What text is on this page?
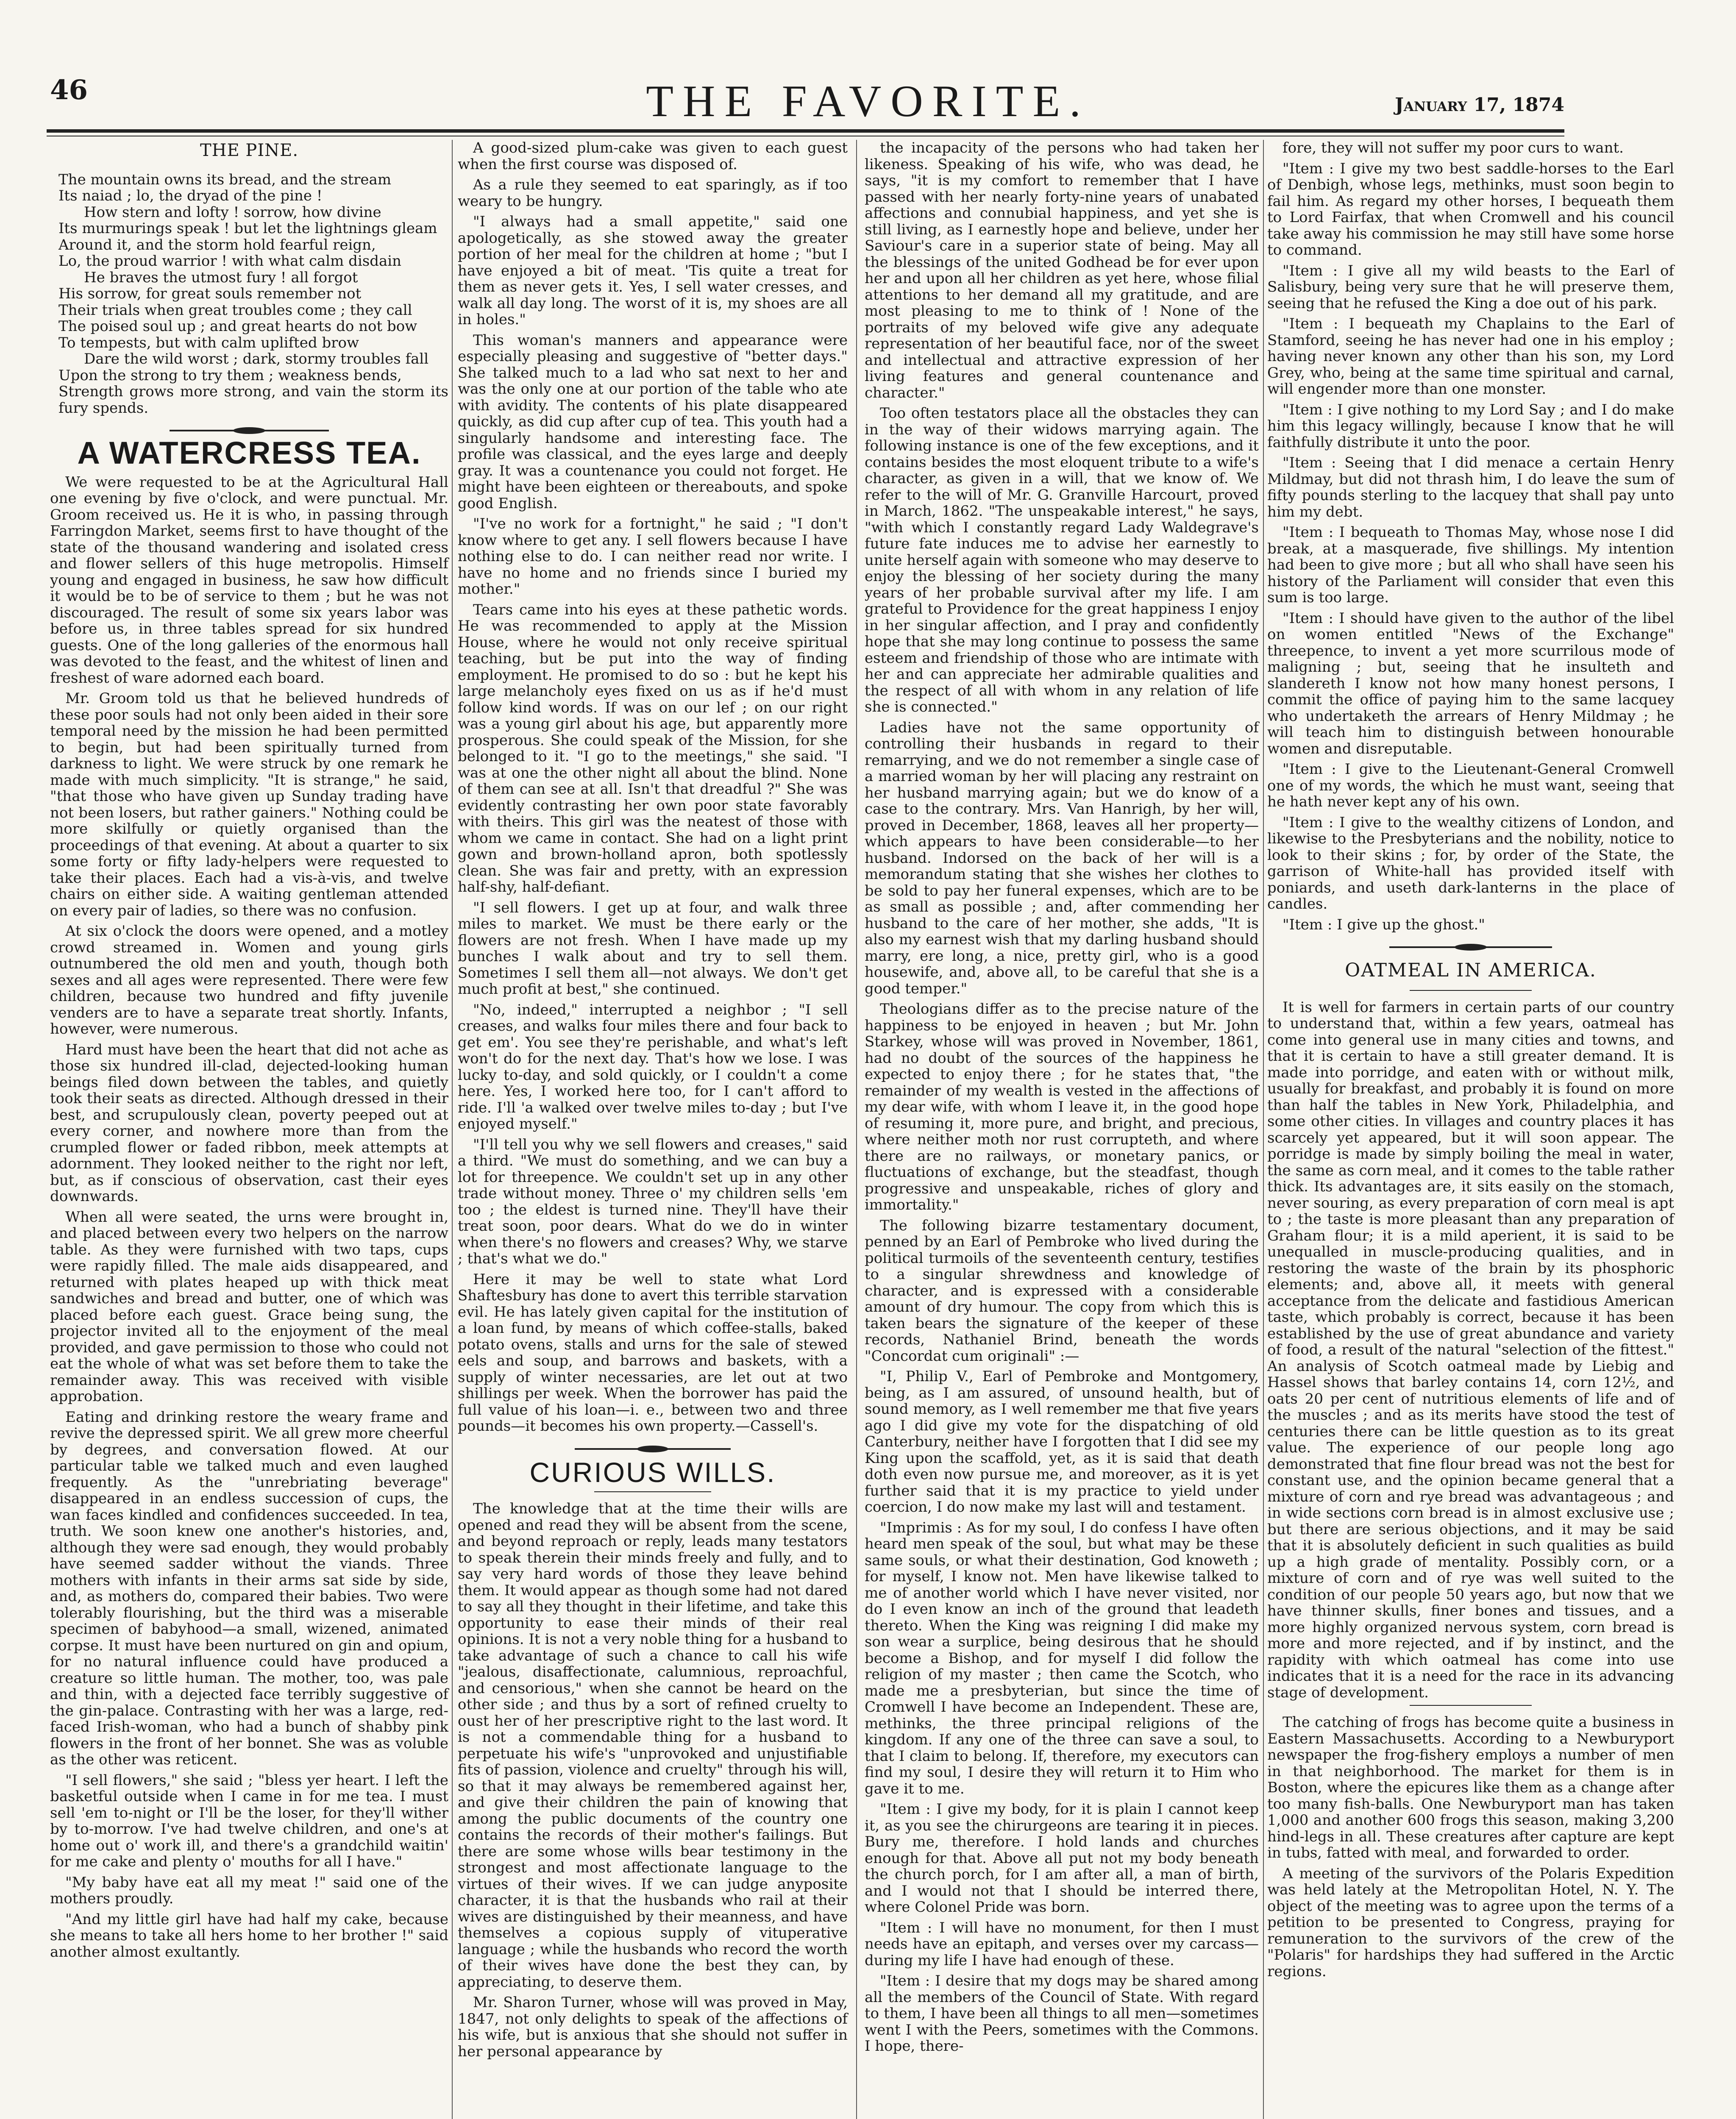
46	THE FAVORITE.	January 17, 1874
THE PINE.
The mountain owns its bread, and the stream
Its naiad ; lo, the dryad of the pine !
How stern and lofty ! sorrow, how divine
Its murmurings speak ! but let the lightnings gleam
Around it, and the storm hold fearful reign,
Lo, the proud warrior ! with what calm disdain
He braves the utmost fury ! all forgot
His sorrow, for great souls remember not
Their trials when great troubles come ; they call
The poised soul up ; and great hearts do not bow
To tempests, but with calm uplifted brow
Dare the wild worst ; dark, stormy troubles fall
Upon the strong to try them ; weakness bends,
Strength grows more strong, and vain the storm its fury spends.
A WATERCRESS TEA.

We were requested to be at the Agricultural Hall one evening by five o'clock, and were punctual. Mr. Groom received us. He it is who, in passing through Farringdon Market, seems first to have thought of the state of the thousand wandering and isolated cress and flower sellers of this huge metropolis. Himself young and engaged in business, he saw how difficult it would be to be of service to them ; but he was not discouraged. The result of some six years labor was before us, in three tables spread for six hundred guests. One of the long galleries of the enormous hall was devoted to the feast, and the whitest of linen and freshest of ware adorned each board.

Mr. Groom told us that he believed hundreds of these poor souls had not only been aided in their sore temporal need by the mission he had been permitted to begin, but had been spiritually turned from darkness to light. We were struck by one remark he made with much simplicity. "It is strange," he said, "that those who have given up Sunday trading have not been losers, but rather gainers." Nothing could be more skilfully or quietly organised than the proceedings of that evening. At about a quarter to six some forty or fifty lady-helpers were requested to take their places. Each had a vis-à-vis, and twelve chairs on either side. A waiting gentleman attended on every pair of ladies, so there was no confusion.

At six o'clock the doors were opened, and a motley crowd streamed in. Women and young girls outnumbered the old men and youth, though both sexes and all ages were represented. There were few children, because two hundred and fifty juvenile venders are to have a separate treat shortly. Infants, however, were numerous.

Hard must have been the heart that did not ache as those six hundred ill-clad, dejected-looking human beings filed down between the tables, and quietly took their seats as directed. Although dressed in their best, and scrupulously clean, poverty peeped out at every corner, and nowhere more than from the crumpled flower or faded ribbon, meek attempts at adornment. They looked neither to the right nor left, but, as if conscious of observation, cast their eyes downwards.

When all were seated, the urns were brought in, and placed between every two helpers on the narrow table. As they were furnished with two taps, cups were rapidly filled. The male aids disappeared, and returned with plates heaped up with thick meat sandwiches and bread and butter, one of which was placed before each guest. Grace being sung, the projector invited all to the enjoyment of the meal provided, and gave permission to those who could not eat the whole of what was set before them to take the remainder away. This was received with visible approbation.

Eating and drinking restore the weary frame and revive the depressed spirit. We all grew more cheerful by degrees, and conversation flowed. At our particular table we talked much and even laughed frequently. As the "unrebriating beverage" disappeared in an endless succession of cups, the wan faces kindled and confidences succeeded. In tea, truth. We soon knew one another's histories, and, although they were sad enough, they would probably have seemed sadder without the viands. Three mothers with infants in their arms sat side by side, and, as mothers do, compared their babies. Two were tolerably flourishing, but the third was a miserable specimen of babyhood—a small, wizened, animated corpse. It must have been nurtured on gin and opium, for no natural influence could have produced a creature so little human. The mother, too, was pale and thin, with a dejected face terribly suggestive of the gin-palace. Contrasting with her was a large, red-faced Irish-woman, who had a bunch of shabby pink flowers in the front of her bonnet. She was as voluble as the other was reticent.

"I sell flowers," she said ; "bless yer heart. I left the basketful outside when I came in for me tea. I must sell 'em to-night or I'll be the loser, for they'll wither by to-morrow. I've had twelve children, and one's at home out o' work ill, and there's a grandchild waitin' for me cake and plenty o' mouths for all I have."

"My baby have eat all my meat !" said one of the mothers proudly.

"And my little girl have had half my cake, because she means to take all hers home to her brother !" said another almost exultantly.

A good-sized plum-cake was given to each guest when the first course was disposed of.

As a rule they seemed to eat sparingly, as if too weary to be hungry.

"I always had a small appetite," said one apologetically, as she stowed away the greater portion of her meal for the children at home ; "but I have enjoyed a bit of meat. 'Tis quite a treat for them as never gets it. Yes, I sell water cresses, and walk all day long. The worst of it is, my shoes are all in holes."

This woman's manners and appearance were especially pleasing and suggestive of "better days." She talked much to a lad who sat next to her and was the only one at our portion of the table who ate with avidity. The contents of his plate disappeared quickly, as did cup after cup of tea. This youth had a singularly handsome and interesting face. The profile was classical, and the eyes large and deeply gray. It was a countenance you could not forget. He might have been eighteen or thereabouts, and spoke good English.

"I've no work for a fortnight," he said ; "I don't know where to get any. I sell flowers because I have nothing else to do. I can neither read nor write. I have no home and no friends since I buried my mother."

Tears came into his eyes at these pathetic words. He was recommended to apply at the Mission House, where he would not only receive spiritual teaching, but be put into the way of finding employment. He promised to do so : but he kept his large melancholy eyes fixed on us as if he'd must follow kind words. If was on our lef ; on our right was a young girl about his age, but apparently more prosperous. She could speak of the Mission, for she belonged to it. "I go to the meetings," she said. "I was at one the other night all about the blind. None of them can see at all. Isn't that dreadful ?" She was evidently contrasting her own poor state favorably with theirs. This girl was the neatest of those with whom we came in contact. She had on a light print gown and brown-holland apron, both spotlessly clean. She was fair and pretty, with an expression half-shy, half-defiant.

"I sell flowers. I get up at four, and walk three miles to market. We must be there early or the flowers are not fresh. When I have made up my bunches I walk about and try to sell them. Sometimes I sell them all—not always. We don't get much profit at best," she continued.

"No, indeed," interrupted a neighbor ; "I sell creases, and walks four miles there and four back to get em'. You see they're perishable, and what's left won't do for the next day. That's how we lose. I was lucky to-day, and sold quickly, or I couldn't a come here. Yes, I worked here too, for I can't afford to ride. I'll 'a walked over twelve miles to-day ; but I've enjoyed myself."

"I'll tell you why we sell flowers and creases," said a third. "We must do something, and we can buy a lot for threepence. We couldn't set up in any other trade without money. Three o' my children sells 'em too ; the eldest is turned nine. They'll have their treat soon, poor dears. What do we do in winter when there's no flowers and creases? Why, we starve ; that's what we do."

Here it may be well to state what Lord Shaftesbury has done to avert this terrible starvation evil. He has lately given capital for the institution of a loan fund, by means of which coffee-stalls, baked potato ovens, stalls and urns for the sale of stewed eels and soup, and barrows and baskets, with a supply of winter necessaries, are let out at two shillings per week. When the borrower has paid the full value of his loan—i. e., between two and three pounds—it becomes his own property.—Cassell's.

CURIOUS WILLS.

The knowledge that at the time their wills are opened and read they will be absent from the scene, and beyond reproach or reply, leads many testators to speak therein their minds freely and fully, and to say very hard words of those they leave behind them. It would appear as though some had not dared to say all they thought in their lifetime, and take this opportunity to ease their minds of their real opinions. It is not a very noble thing for a husband to take advantage of such a chance to call his wife "jealous, disaffectionate, calumnious, reproachful, and censorious," when she cannot be heard on the other side ; and thus by a sort of refined cruelty to oust her of her prescriptive right to the last word. It is not a commendable thing for a husband to perpetuate his wife's "unprovoked and unjustifiable fits of passion, violence and cruelty" through his will, so that it may always be remembered against her, and give their children the pain of knowing that among the public documents of the country one contains the records of their mother's failings. But there are some whose wills bear testimony in the strongest and most affectionate language to the virtues of their wives. If we can judge anyposite character, it is that the husbands who rail at their wives are distinguished by their meanness, and have themselves a copious supply of vituperative language ; while the husbands who record the worth of their wives have done the best they can, by appreciating, to deserve them.

Mr. Sharon Turner, whose will was proved in May, 1847, not only delights to speak of the affections of his wife, but is anxious that she should not suffer in her personal appearance by

the incapacity of the persons who had taken her likeness. Speaking of his wife, who was dead, he says, "it is my comfort to remember that I have passed with her nearly forty-nine years of unabated affections and connubial happiness, and yet she is still living, as I earnestly hope and believe, under her Saviour's care in a superior state of being. May all the blessings of the united Godhead be for ever upon her and upon all her children as yet here, whose filial attentions to her demand all my gratitude, and are most pleasing to me to think of ! None of the portraits of my beloved wife give any adequate representation of her beautiful face, nor of the sweet and intellectual and attractive expression of her living features and general countenance and character."

Too often testators place all the obstacles they can in the way of their widows marrying again. The following instance is one of the few exceptions, and it contains besides the most eloquent tribute to a wife's character, as given in a will, that we know of. We refer to the will of Mr. G. Granville Harcourt, proved in March, 1862. "The unspeakable interest," he says, "with which I constantly regard Lady Waldegrave's future fate induces me to advise her earnestly to unite herself again with someone who may deserve to enjoy the blessing of her society during the many years of her probable survival after my life. I am grateful to Providence for the great happiness I enjoy in her singular affection, and I pray and confidently hope that she may long continue to possess the same esteem and friendship of those who are intimate with her and can appreciate her admirable qualities and the respect of all with whom in any relation of life she is connected."

Ladies have not the same opportunity of controlling their husbands in regard to their remarrying, and we do not remember a single case of a married woman by her will placing any restraint on her husband marrying again; but we do know of a case to the contrary. Mrs. Van Hanrigh, by her will, proved in December, 1868, leaves all her property—which appears to have been considerable—to her husband. Indorsed on the back of her will is a memorandum stating that she wishes her clothes to be sold to pay her funeral expenses, which are to be as small as possible ; and, after commending her husband to the care of her mother, she adds, "It is also my earnest wish that my darling husband should marry, ere long, a nice, pretty girl, who is a good housewife, and, above all, to be careful that she is a good temper."

Theologians differ as to the precise nature of the happiness to be enjoyed in heaven ; but Mr. John Starkey, whose will was proved in November, 1861, had no doubt of the sources of the happiness he expected to enjoy there ; for he states that, "the remainder of my wealth is vested in the affections of my dear wife, with whom I leave it, in the good hope of resuming it, more pure, and bright, and precious, where neither moth nor rust corrupteth, and where there are no railways, or monetary panics, or fluctuations of exchange, but the steadfast, though progressive and unspeakable, riches of glory and immortality."

The following bizarre testamentary document, penned by an Earl of Pembroke who lived during the political turmoils of the seventeenth century, testifies to a singular shrewdness and knowledge of character, and is expressed with a considerable amount of dry humour. The copy from which this is taken bears the signature of the keeper of these records, Nathaniel Brind, beneath the words "Concordat cum originali" :—

"I, Philip V., Earl of Pembroke and Montgomery, being, as I am assured, of unsound health, but of sound memory, as I well remember me that five years ago I did give my vote for the dispatching of old Canterbury, neither have I forgotten that I did see my King upon the scaffold, yet, as it is said that death doth even now pursue me, and moreover, as it is yet further said that it is my practice to yield under coercion, I do now make my last will and testament.

"Imprimis : As for my soul, I do confess I have often heard men speak of the soul, but what may be these same souls, or what their destination, God knoweth ; for myself, I know not. Men have likewise talked to me of another world which I have never visited, nor do I even know an inch of the ground that leadeth thereto. When the King was reigning I did make my son wear a surplice, being desirous that he should become a Bishop, and for myself I did follow the religion of my master ; then came the Scotch, who made me a presbyterian, but since the time of Cromwell I have become an Independent. These are, methinks, the three principal religions of the kingdom. If any one of the three can save a soul, to that I claim to belong. If, therefore, my executors can find my soul, I desire they will return it to Him who gave it to me.

"Item : I give my body, for it is plain I cannot keep it, as you see the chirurgeons are tearing it in pieces. Bury me, therefore. I hold lands and churches enough for that. Above all put not my body beneath the church porch, for I am after all, a man of birth, and I would not that I should be interred there, where Colonel Pride was born.

"Item : I will have no monument, for then I must needs have an epitaph, and verses over my carcass—during my life I have had enough of these.

"Item : I desire that my dogs may be shared among all the members of the Council of State. With regard to them, I have been all things to all men—sometimes went I with the Peers, sometimes with the Commons. I hope, there-

fore, they will not suffer my poor curs to want.

"Item : I give my two best saddle-horses to the Earl of Denbigh, whose legs, methinks, must soon begin to fail him. As regard my other horses, I bequeath them to Lord Fairfax, that when Cromwell and his council take away his commission he may still have some horse to command.

"Item : I give all my wild beasts to the Earl of Salisbury, being very sure that he will preserve them, seeing that he refused the King a doe out of his park.

"Item : I bequeath my Chaplains to the Earl of Stamford, seeing he has never had one in his employ ; having never known any other than his son, my Lord Grey, who, being at the same time spiritual and carnal, will engender more than one monster.

"Item : I give nothing to my Lord Say ; and I do make him this legacy willingly, because I know that he will faithfully distribute it unto the poor.

"Item : Seeing that I did menace a certain Henry Mildmay, but did not thrash him, I do leave the sum of fifty pounds sterling to the lacquey that shall pay unto him my debt.

"Item : I bequeath to Thomas May, whose nose I did break, at a masquerade, five shillings. My intention had been to give more ; but all who shall have seen his history of the Parliament will consider that even this sum is too large.

"Item : I should have given to the author of the libel on women entitled "News of the Exchange" threepence, to invent a yet more scurrilous mode of maligning ; but, seeing that he insulteth and slandereth I know not how many honest persons, I commit the office of paying him to the same lacquey who undertaketh the arrears of Henry Mildmay ; he will teach him to distinguish between honourable women and disreputable.

"Item : I give to the Lieutenant-General Cromwell one of my words, the which he must want, seeing that he hath never kept any of his own.

"Item : I give to the wealthy citizens of London, and likewise to the Presbyterians and the nobility, notice to look to their skins ; for, by order of the State, the garrison of White-hall has provided itself with poniards, and useth dark-lanterns in the place of candles.

"Item : I give up the ghost."

OATMEAL IN AMERICA.

It is well for farmers in certain parts of our country to understand that, within a few years, oatmeal has come into general use in many cities and towns, and that it is certain to have a still greater demand. It is made into porridge, and eaten with or without milk, usually for breakfast, and probably it is found on more than half the tables in New York, Philadelphia, and some other cities. In villages and country places it has scarcely yet appeared, but it will soon appear. The porridge is made by simply boiling the meal in water, the same as corn meal, and it comes to the table rather thick. Its advantages are, it sits easily on the stomach, never souring, as every preparation of corn meal is apt to ; the taste is more pleasant than any preparation of Graham flour; it is a mild aperient, it is said to be unequalled in muscle-producing qualities, and in restoring the waste of the brain by its phosphoric elements; and, above all, it meets with general acceptance from the delicate and fastidious American taste, which probably is correct, because it has been established by the use of great abundance and variety of food, a result of the natural "selection of the fittest." An analysis of Scotch oatmeal made by Liebig and Hassel shows that barley contains 14, corn 12½, and oats 20 per cent of nutritious elements of life and of the muscles ; and as its merits have stood the test of centuries there can be little question as to its great value. The experience of our people long ago demonstrated that fine flour bread was not the best for constant use, and the opinion became general that a mixture of corn and rye bread was advantageous ; and in wide sections corn bread is in almost exclusive use ; but there are serious objections, and it may be said that it is absolutely deficient in such qualities as build up a high grade of mentality. Possibly corn, or a mixture of corn and of rye was well suited to the condition of our people 50 years ago, but now that we have thinner skulls, finer bones and tissues, and a more highly organized nervous system, corn bread is more and more rejected, and if by instinct, and the rapidity with which oatmeal has come into use indicates that it is a need for the race in its advancing stage of development.

The catching of frogs has become quite a business in Eastern Massachusetts. According to a Newburyport newspaper the frog-fishery employs a number of men in that neighborhood. The market for them is in Boston, where the epicures like them as a change after too many fish-balls. One Newburyport man has taken 1,000 and another 600 frogs this season, making 3,200 hind-legs in all. These creatures after capture are kept in tubs, fatted with meal, and forwarded to order.

A meeting of the survivors of the Polaris Expedition was held lately at the Metropolitan Hotel, N. Y. The object of the meeting was to agree upon the terms of a petition to be presented to Congress, praying for remuneration to the survivors of the crew of the "Polaris" for hardships they had suffered in the Arctic regions.
